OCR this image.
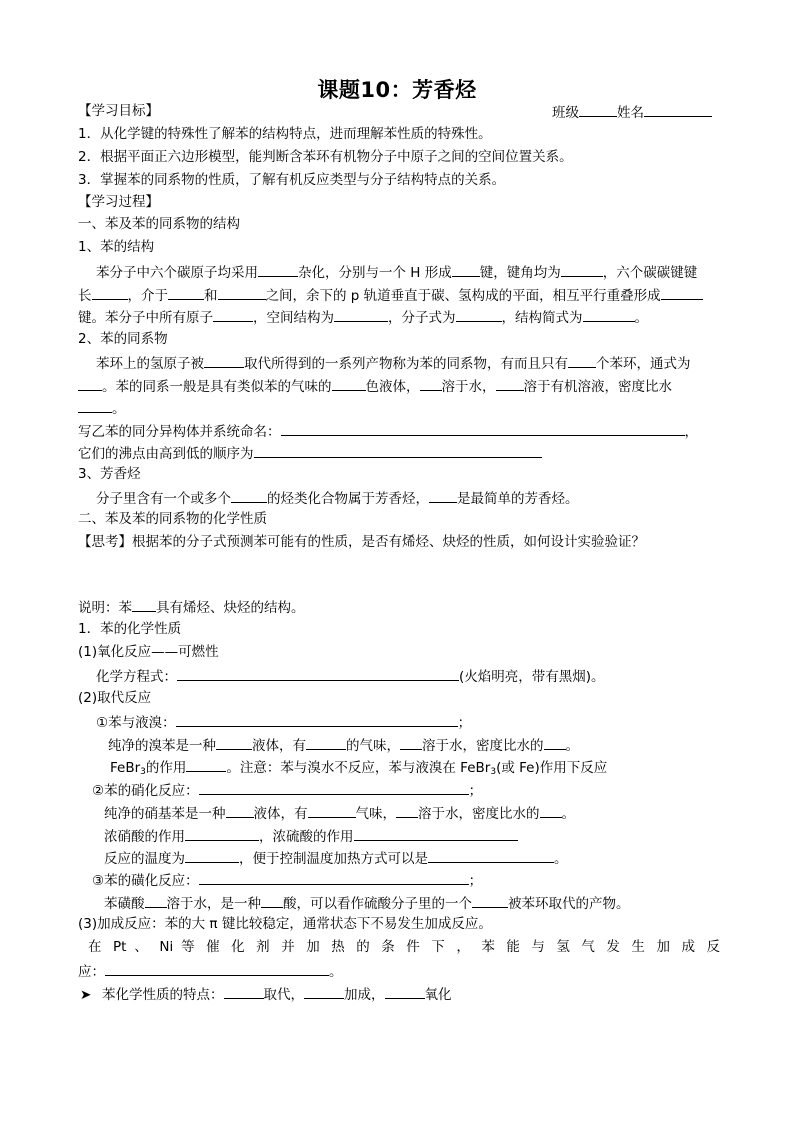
课题10：芳香烃
【学习目标】	班级	姓名
1．从化学键的特殊性了解苯的结构特点，进而理解苯性质的特殊性。
2．根据平面正六边形模型，能判断含苯环有机物分子中原子之间的空间位置关系。
3．掌握苯的同系物的性质，了解有机反应类型与分子结构特点的关系。
【学习过程】
一、苯及苯的同系物的结构
1、苯的结构
苯分子中六个碳原子均采用	杂化，分别与一个 H 形成 键，键角均为	，六个碳碳键键
长	，介于	和	之间，余下的 p 轨道垂直于碳、氢构成的平面，相互平行重叠形成
键。苯分子中所有原子	，空间结构为	，分子式为	，结构简式为	。
2、苯的同系物
苯环上的氢原子被	取代所得到的一系列产物称为苯的同系物，有而且只有 个苯环，通式为
。苯的同系一般是具有类似苯的气味的	色液体， 溶于水， 溶于有机溶液，密度比水
。
写乙苯的同分异构体并系统命名：	，
它们的沸点由高到低的顺序为
3、芳香烃
分子里含有一个或多个	的烃类化合物属于芳香烃， 是最简单的芳香烃。
二、苯及苯的同系物的化学性质
【思考】根据苯的分子式预测苯可能有的性质，是否有烯烃、炔烃的性质，如何设计实验验证？
说明：苯 具有烯烃、炔烃的结构。
1．苯的化学性质
(1)氧化反应——可燃性
化学方程式：	(火焰明亮，带有黑烟)。
(2)取代反应
①苯与液溴：	；
纯净的溴苯是一种	液体，有	的气味， 溶于水，密度比水的 。
FeBr$_3$的作用	。注意：苯与溴水不反应，苯与液溴在 FeBr$_3$(或 Fe)作用下反应
②苯的硝化反应：	；
纯净的硝基苯是一种 液体，有	气味， 溶于水，密度比水的 。
浓硝酸的作用	，浓硫酸的作用
反应的温度为	，便于控制温度加热方式可以是	。
③苯的磺化反应：	；
苯磺酸 溶于水，是一种 酸，可以看作硫酸分子里的一个	被苯环取代的产物。
(3)加成反应：苯的大 π 键比较稳定，通常状态下不易发生加成反应。
在 Pt 、 Ni 等 催 化 剂 并 加 热 的 条 件 下 ， 苯 能 与 氢 气 发 生 加 成 反
应：	。
➤ 苯化学性质的特点：	取代，	加成，	氧化
